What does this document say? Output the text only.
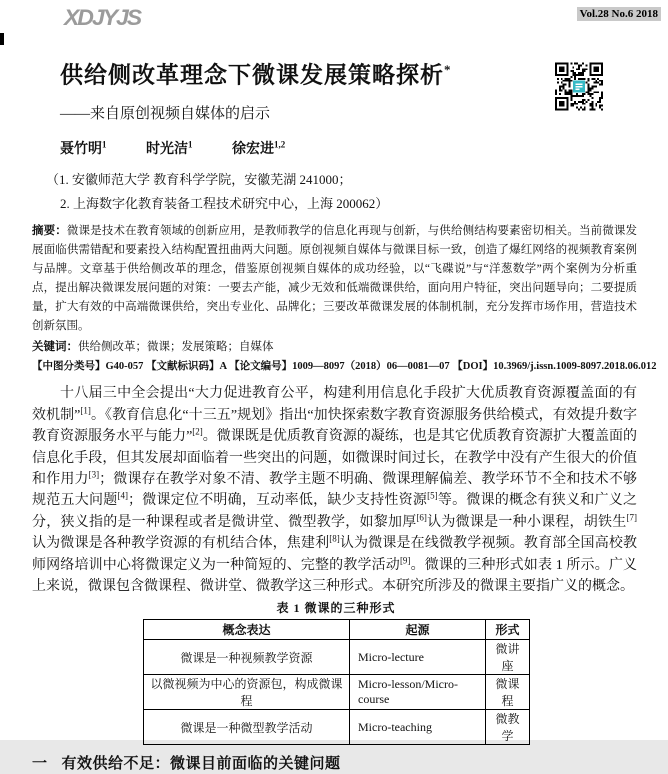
XDJYJS	Vol.28 No.6 2018
供给侧改革理念下微课发展策略探析*
——来自原创视频自媒体的启示
聂竹明$^1$	时光洁$^1$	徐宏进$^{1,2}$
（1. 安徽师范大学 教育科学学院，安徽芜湖 241000；
2. 上海数字化教育装备工程技术研究中心，上海 200062）

摘要：微课是技术在教育领域的创新应用，是教师教学的信息化再现与创新，与供给侧结构要素密切相关。当前微课发展面临供需错配和要素投入结构配置扭曲两大问题。原创视频自媒体与微课目标一致，创造了爆红网络的视频教育案例与品牌。文章基于供给侧改革的理念，借鉴原创视频自媒体的成功经验，以“飞碟说”与“洋葱数学”两个案例为分析重点，提出解决微课发展问题的对策：一要去产能，减少无效和低端微课供给，面向用户特征，突出问题导向；二要提质量，扩大有效的中高端微课供给，突出专业化、品牌化；三要改革微课发展的体制机制，充分发挥市场作用，营造技术创新氛围。

关键词：供给侧改革；微课；发展策略；自媒体

【中图分类号】G40-057 【文献标识码】A 【论文编号】1009—8097（2018）06—0081—07 【DOI】10.3969/j.issn.1009-8097.2018.06.012

十八届三中全会提出“大力促进教育公平，构建利用信息化手段扩大优质教育资源覆盖面的有效机制”[1]。《教育信息化“十三五”规划》指出“加快探索数字教育资源服务供给模式，有效提升数字教育资源服务水平与能力”[2]。微课既是优质教育资源的凝练，也是其它优质教育资源扩大覆盖面的信息化手段，但其发展却面临着一些突出的问题，如微课时间过长，在教学中没有产生很大的价值和作用力[3]；微课存在教学对象不清、教学主题不明确、微课理解偏差、教学环节不全和技术不够规范五大问题[4]；微课定位不明确，互动率低，缺少支持性资源[5]等。微课的概念有狭义和广义之分，狭义指的是一种课程或者是微讲堂、微型教学，如黎加厚[6]认为微课是一种小课程，胡铁生[7]认为微课是各种教学资源的有机结合体，焦建利[8]认为微课是在线微教学视频。教育部全国高校教师网络培训中心将微课定义为一种简短的、完整的教学活动[9]。微课的三种形式如表 1 所示。广义上来说，微课包含微课程、微讲堂、微教学这三种形式。本研究所涉及的微课主要指广义的概念。

表 1 微课的三种形式
概念表达	起源	形式
微课是一种视频教学资源	Micro-lecture	微讲座
以微视频为中心的资源包，构成微课程	Micro-lesson/Micro-course	微课程
微课是一种微型教学活动	Micro-teaching	微教学
一 有效供给不足：微课目前面临的关键问题
